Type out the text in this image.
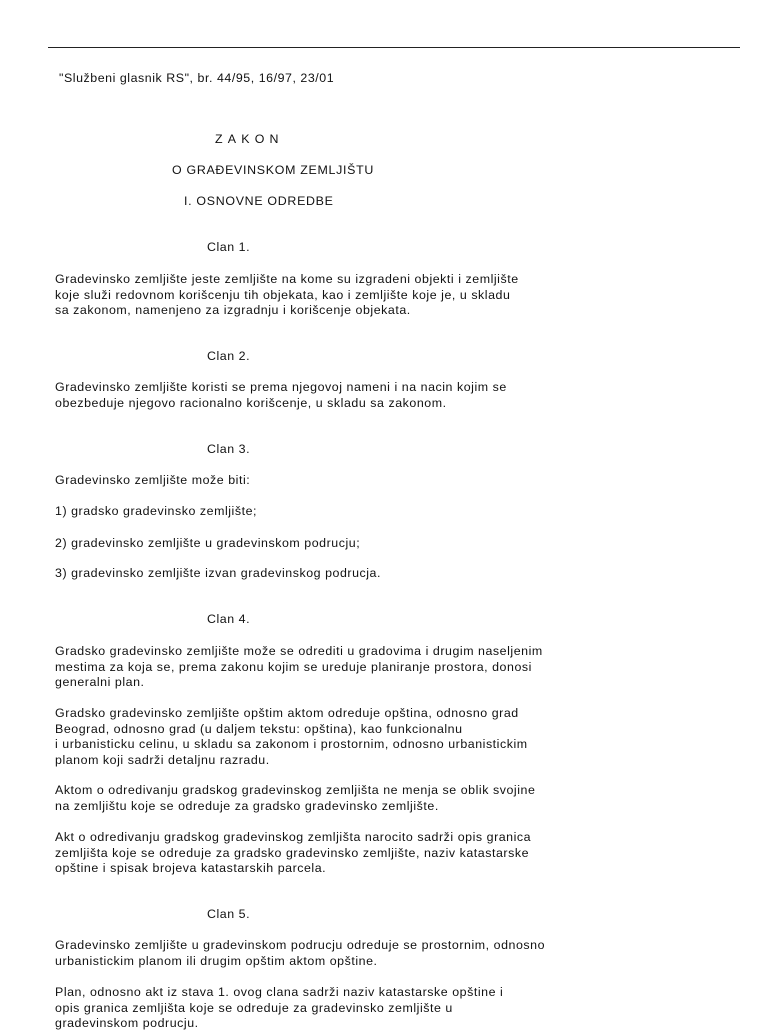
"Službeni glasnik RS", br. 44/95, 16/97, 23/01
ZAKON
O GRAĐEVINSKOM ZEMLJIŠTU
I. OSNOVNE ODREDBE
Clan 1.
Gradevinsko zemljište jeste zemljište na kome su izgradeni objekti i zemljište
koje služi redovnom korišcenju tih objekata, kao i zemljište koje je, u skladu
sa zakonom, namenjeno za izgradnju i korišcenje objekata.
Clan 2.
Gradevinsko zemljište koristi se prema njegovoj nameni i na nacin kojim se
obezbeduje njegovo racionalno korišcenje, u skladu sa zakonom.
Clan 3.
Gradevinsko zemljište može biti:
1) gradsko gradevinsko zemljište;
2) gradevinsko zemljište u gradevinskom podrucju;
3) gradevinsko zemljište izvan gradevinskog podrucja.
Clan 4.
Gradsko gradevinsko zemljište može se odrediti u gradovima i drugim naseljenim
mestima za koja se, prema zakonu kojim se ureduje planiranje prostora, donosi
generalni plan.
Gradsko gradevinsko zemljište opštim aktom odreduje opština, odnosno grad
Beograd, odnosno grad (u daljem tekstu: opština), kao funkcionalnu
i urbanisticku celinu, u skladu sa zakonom i prostornim, odnosno urbanistickim
planom koji sadrži detaljnu razradu.
Aktom o odredivanju gradskog gradevinskog zemljišta ne menja se oblik svojine
na zemljištu koje se odreduje za gradsko gradevinsko zemljište.
Akt o odredivanju gradskog gradevinskog zemljišta narocito sadrži opis granica
zemljišta koje se odreduje za gradsko gradevinsko zemljište, naziv katastarske
opštine i spisak brojeva katastarskih parcela.
Clan 5.
Gradevinsko zemljište u gradevinskom podrucju odreduje se prostornim, odnosno
urbanistickim planom ili drugim opštim aktom opštine.
Plan, odnosno akt iz stava 1. ovog clana sadrži naziv katastarske opštine i
opis granica zemljišta koje se odreduje za gradevinsko zemljište u
gradevinskom podrucju.
